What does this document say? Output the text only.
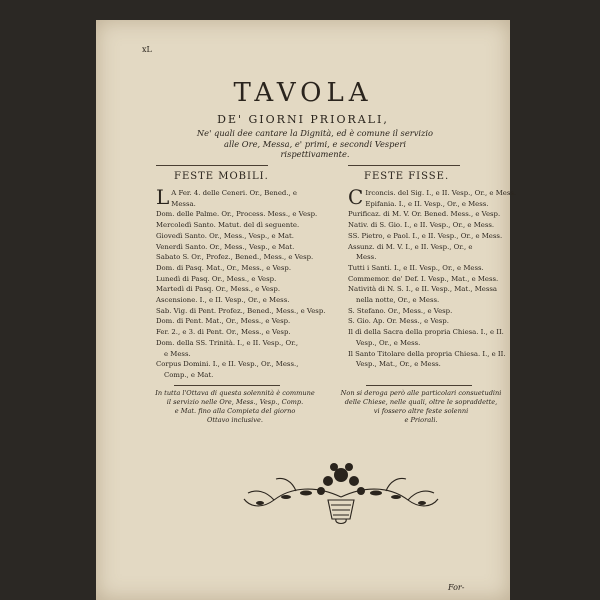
xL
TAVOLA
DE' GIORNI PRIORALI,
Ne' quali dee cantare la Dignità, ed è comune il servizio
alle Ore, Messa, e' primi, e secondi Vesperi
rispettivamente.
FESTE MOBILI.	FESTE FISSE.
L A Fer. 4. delle Ceneri. Or., Bened., e
Messa.
Dom. delle Palme. Or., Process. Mess., e Vesp.
Mercoledì Santo. Matut. del dì seguente.
Giovedì Santo. Or., Mess., Vesp., e Mat.
Venerdì Santo. Or., Mess., Vesp., e Mat.
Sabato S. Or., Profez., Bened., Mess., e Vesp.
Dom. di Pasq. Mat., Or., Mess., e Vesp.
Lunedì di Pasq. Or., Mess., e Vesp.
Martedì di Pasq. Or., Mess., e Vesp.
Ascensione. I., e II. Vesp., Or., e Mess.
Sab. Vig. di Pent. Profez., Bened., Mess., e Vesp.
Dom. di Pent. Mat., Or., Mess., e Vesp.
Fer. 2., e 3. di Pent. Or., Mess., e Vesp.
Dom. della SS. Trinità. I., e II. Vesp., Or.,
e Mess.
Corpus Domini. I., e II. Vesp., Or., Mess.,
Comp., e Mat.
C Irconcis. del Sig. I., e II. Vesp., Or., e Mess.
Epifania. I., e II. Vesp., Or., e Mess.
Purificaz. di M. V. Or. Bened. Mess., e Vesp.
Nativ. di S. Gio. I., e II. Vesp., Or., e Mess.
SS. Pietro, e Paol. I., e II. Vesp., Or., e Mess.
Assunz. di M. V. I., e II. Vesp., Or., e
Mess.
Tutti i Santi. I., e II. Vesp., Or., e Mess.
Commemor. de' Def. I. Vesp., Mat., e Mess.
Natività di N. S. I., e II. Vesp., Mat., Messa
nella notte, Or., e Mess.
S. Stefano. Or., Mess., e Vesp.
S. Gio. Ap. Or. Mess., e Vesp.
Il dì della Sacra della propria Chiesa. I., e II.
Vesp., Or., e Mess.
Il Santo Titolare della propria Chiesa. I., e II.
Vesp., Mat., Or., e Mess.
In tutta l'Ottava di questa solennità è commune
il servizio nelle Ore, Mess., Vesp., Comp.
e Mat. fino alla Compieta del giorno
Ottavo inclusive.
Non si deroga però alle particolari consuetudini
delle Chiese, nelle quali, oltre le sopraddette,
vi fossero altre feste solenni
e Priorali.
For-
